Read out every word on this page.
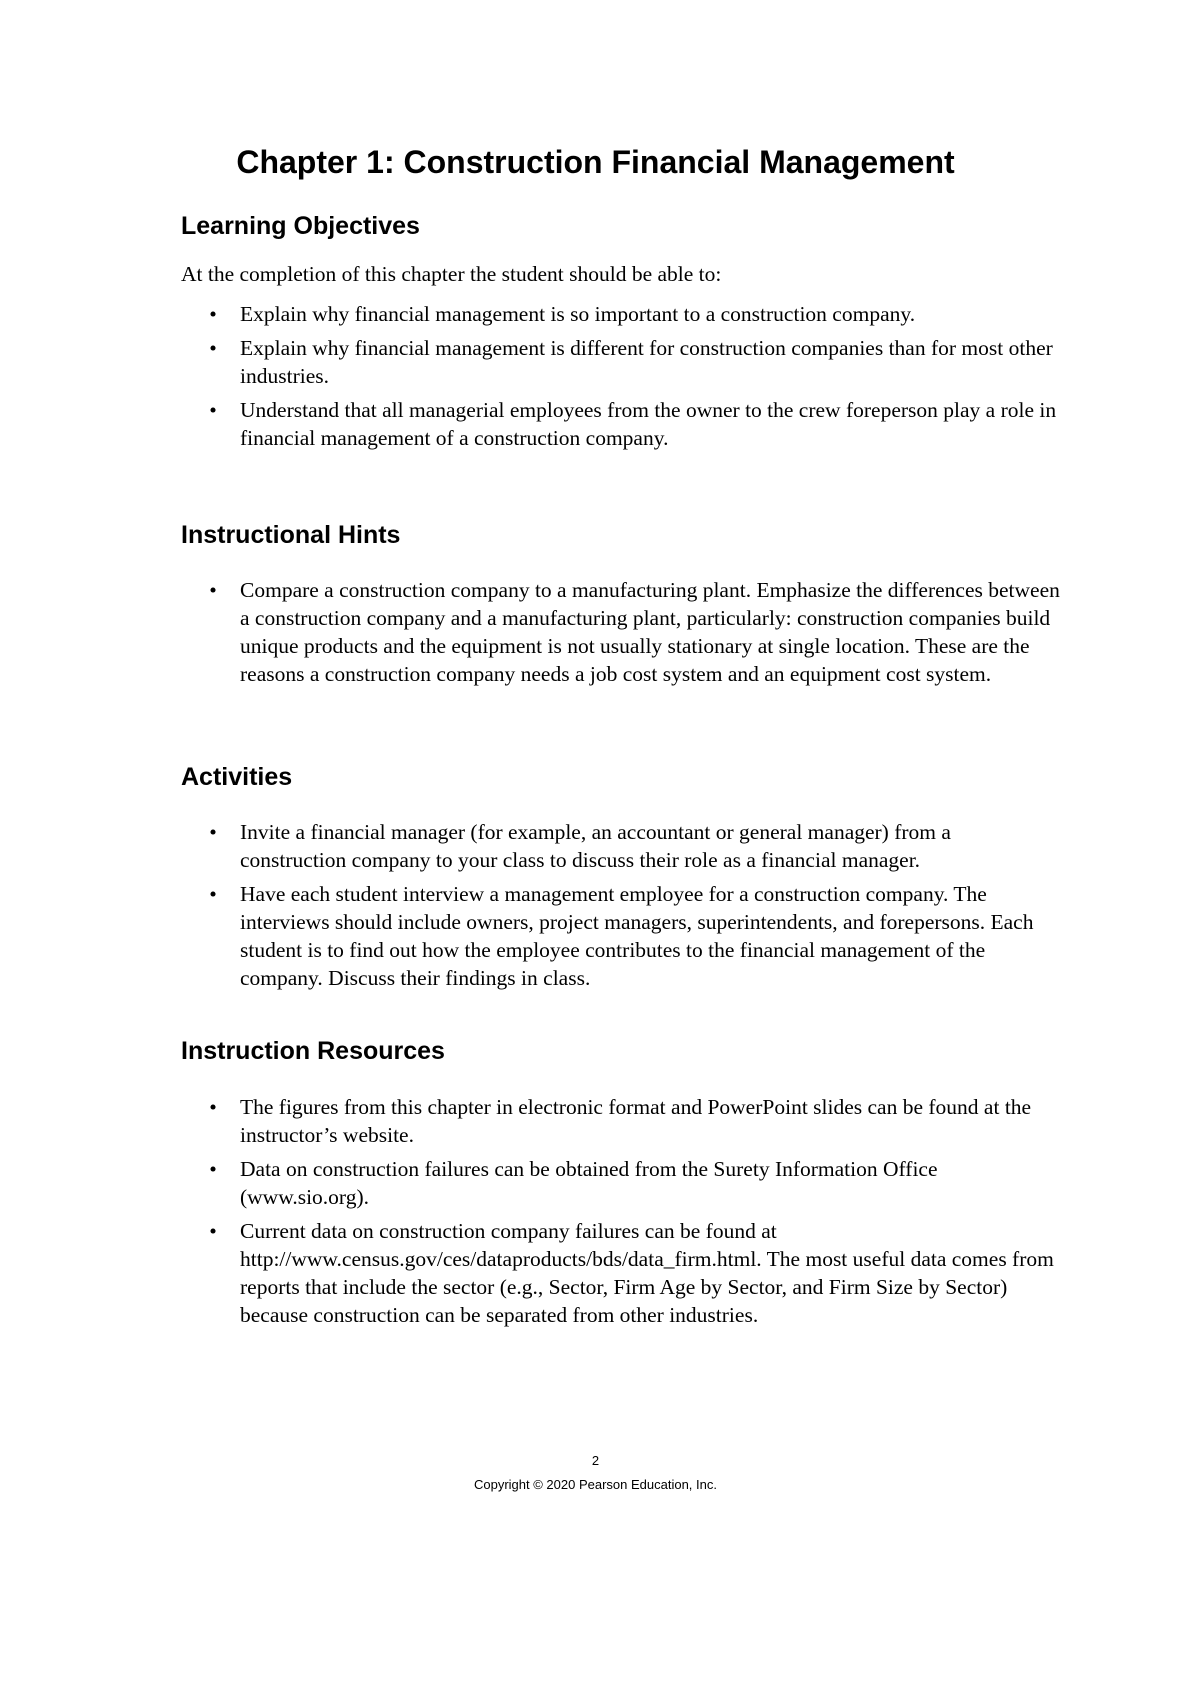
Chapter 1: Construction Financial Management
Learning Objectives

At the completion of this chapter the student should be able to:

• Explain why financial management is so important to a construction company.
• Explain why financial management is different for construction companies than for most other industries.
• Understand that all managerial employees from the owner to the crew foreperson play a role in financial management of a construction company.
Instructional Hints
• Compare a construction company to a manufacturing plant. Emphasize the differences between a construction company and a manufacturing plant, particularly: construction companies build unique products and the equipment is not usually stationary at single location. These are the reasons a construction company needs a job cost system and an equipment cost system.
Activities
• Invite a financial manager (for example, an accountant or general manager) from a construction company to your class to discuss their role as a financial manager.
• Have each student interview a management employee for a construction company. The interviews should include owners, project managers, superintendents, and forepersons. Each student is to find out how the employee contributes to the financial management of the company. Discuss their findings in class.
Instruction Resources
• The figures from this chapter in electronic format and PowerPoint slides can be found at the instructor’s website.
• Data on construction failures can be obtained from the Surety Information Office (www.sio.org).
• Current data on construction company failures can be found at http://www.census.gov/ces/dataproducts/bds/data_firm.html. The most useful data comes from reports that include the sector (e.g., Sector, Firm Age by Sector, and Firm Size by Sector) because construction can be separated from other industries.
2
Copyright © 2020 Pearson Education, Inc.
